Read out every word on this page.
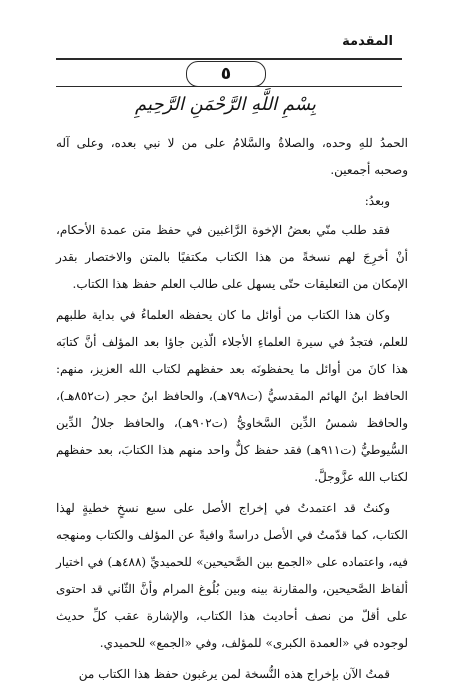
المقدمة
٥
بِسْمِ اللَّهِ الرَّحْمَنِ الرَّحِيمِ

الحمدُ للهِ وحده، والصلاةُ والسَّلامُ على من لا نبي بعده، وعلى آله وصحبه أجمعين.

وبعدُ:

فقد طلب منّي بعضُ الإخوة الرَّاغبين في حفظ متن عمدة الأحكام، أنْ أخرِجَ لهم نسخةً من هذا الكتاب مكتفيًا بالمتن والاختصار بقدر الإمكان من التعليقات حتّى يسهل على طالب العلم حفظ هذا الكتاب.

وكان هذا الكتاب من أوائل ما كان يحفظه العلماءُ في بداية طلبهم للعلم، فتجدُ في سيرة العلماءِ الأجلاء الّذين جاؤا بعد المؤلف أنَّ كتابَه هذا كانَ من أوائل ما يحفظونَه بعد حفظهم لكتاب الله العزيز، منهم: الحافظ ابنُ الهائم المقدسيُّ (ت٧٩٨هـ)، والحافظ ابنُ حجر (ت٨٥٢هـ)، والحافظ شمسُ الدِّين السَّخاويُّ (ت٩٠٢هـ)، والحافظ جلالُ الدِّين السُّيوطيُّ (ت٩١١هـ) فقد حفظ كلٌّ واحد منهم هذا الكتابَ، بعد حفظهم لكتاب الله عزَّوجلَّ.

وكنتُ قد اعتمدتُ في إخراج الأصل على سبع نسخٍ خطيةٍ لهذا الكتاب، كما قدّمتُ في الأصل دراسةً وافيةً عن المؤلف والكتاب ومنهجه فيه، واعتماده على «الجمع بين الصَّحيحين» للحميديِّ (٤٨٨هـ) في اختيار ألفاظ الصَّحيحين، والمقارنة بينه وبين بُلُوغ المرام وأنَّ الثّاني قد احتوى على أقلّ من نصف أحاديث هذا الكتاب، والإشارة عقب كلِّ حديث لوجوده في «العمدة الكبرى» للمؤلف، وفي «الجمع» للحميدي.

قمتُ الآن بإخراج هذه النُّسخة لمن يرغبون حفظ هذا الكتاب من
